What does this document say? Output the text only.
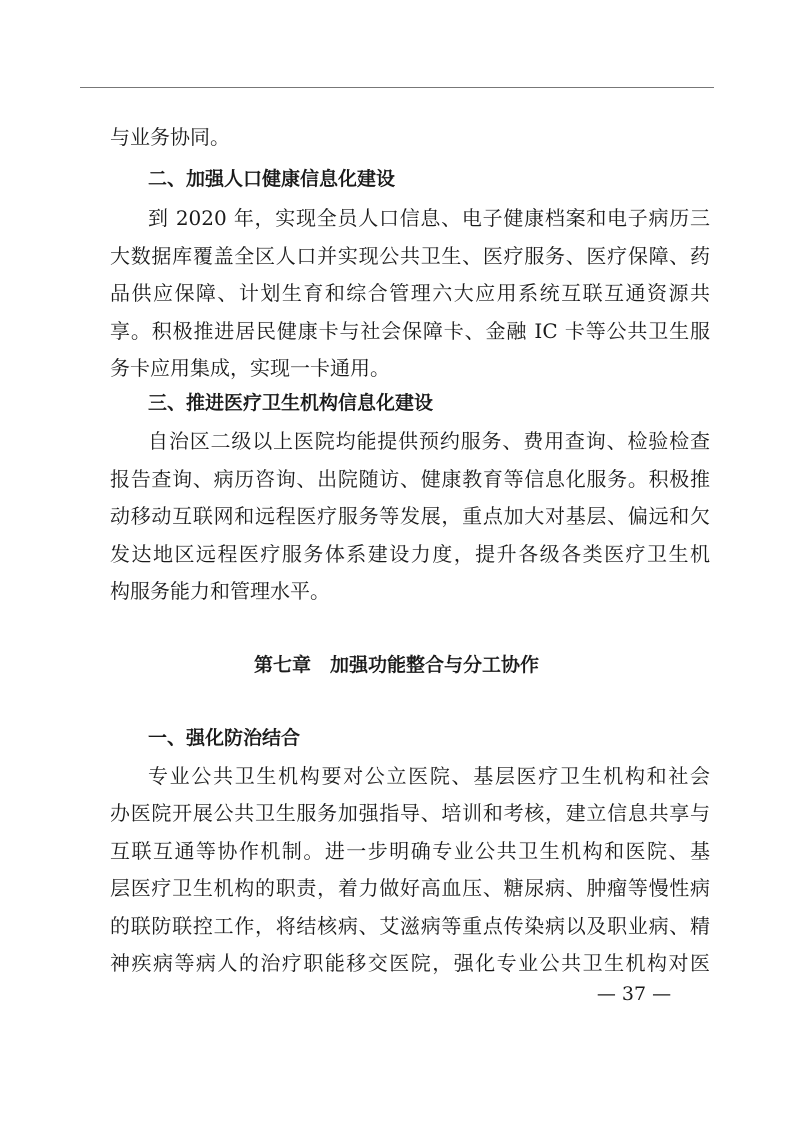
与业务协同。

二、加强人口健康信息化建设

到 2020 年，实现全员人口信息、电子健康档案和电子病历三

大数据库覆盖全区人口并实现公共卫生、医疗服务、医疗保障、药

品供应保障、计划生育和综合管理六大应用系统互联互通资源共

享。积极推进居民健康卡与社会保障卡、金融 IC 卡等公共卫生服

务卡应用集成，实现一卡通用。

三、推进医疗卫生机构信息化建设

自治区二级以上医院均能提供预约服务、费用查询、检验检查

报告查询、病历咨询、出院随访、健康教育等信息化服务。积极推

动移动互联网和远程医疗服务等发展，重点加大对基层、偏远和欠

发达地区远程医疗服务体系建设力度，提升各级各类医疗卫生机

构服务能力和管理水平。

第七章　加强功能整合与分工协作

一、强化防治结合

专业公共卫生机构要对公立医院、基层医疗卫生机构和社会

办医院开展公共卫生服务加强指导、培训和考核，建立信息共享与

互联互通等协作机制。进一步明确专业公共卫生机构和医院、基

层医疗卫生机构的职责，着力做好高血压、糖尿病、肿瘤等慢性病

的联防联控工作，将结核病、艾滋病等重点传染病以及职业病、精

神疾病等病人的治疗职能移交医院，强化专业公共卫生机构对医

— 37 —
